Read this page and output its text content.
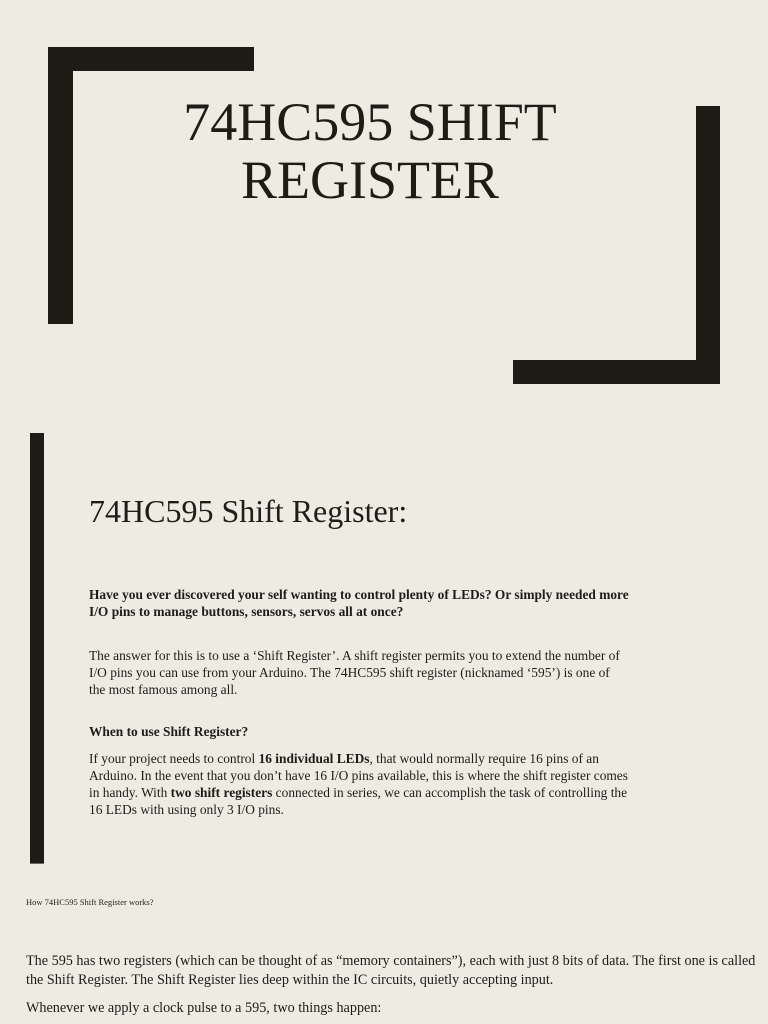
74HC595 SHIFT
REGISTER
74HC595 Shift Register:

Have you ever discovered your self wanting to control plenty of LEDs? Or simply needed more I/O pins to manage buttons, sensors, servos all at once?

The answer for this is to use a ‘Shift Register’. A shift register permits you to extend the number of I/O pins you can use from your Arduino. The 74HC595 shift register (nicknamed ‘595’) is one of the most famous among all.

When to use Shift Register?

If your project needs to control 16 individual LEDs, that would normally require 16 pins of an Arduino. In the event that you don’t have 16 I/O pins available, this is where the shift register comes in handy. With two shift registers connected in series, we can accomplish the task of controlling the 16 LEDs with using only 3 I/O pins.

How 74HC595 Shift Register works?

The 595 has two registers (which can be thought of as “memory containers”), each with just 8 bits of data. The first one is called the Shift Register. The Shift Register lies deep within the IC circuits, quietly accepting input.

Whenever we apply a clock pulse to a 595, two things happen:
